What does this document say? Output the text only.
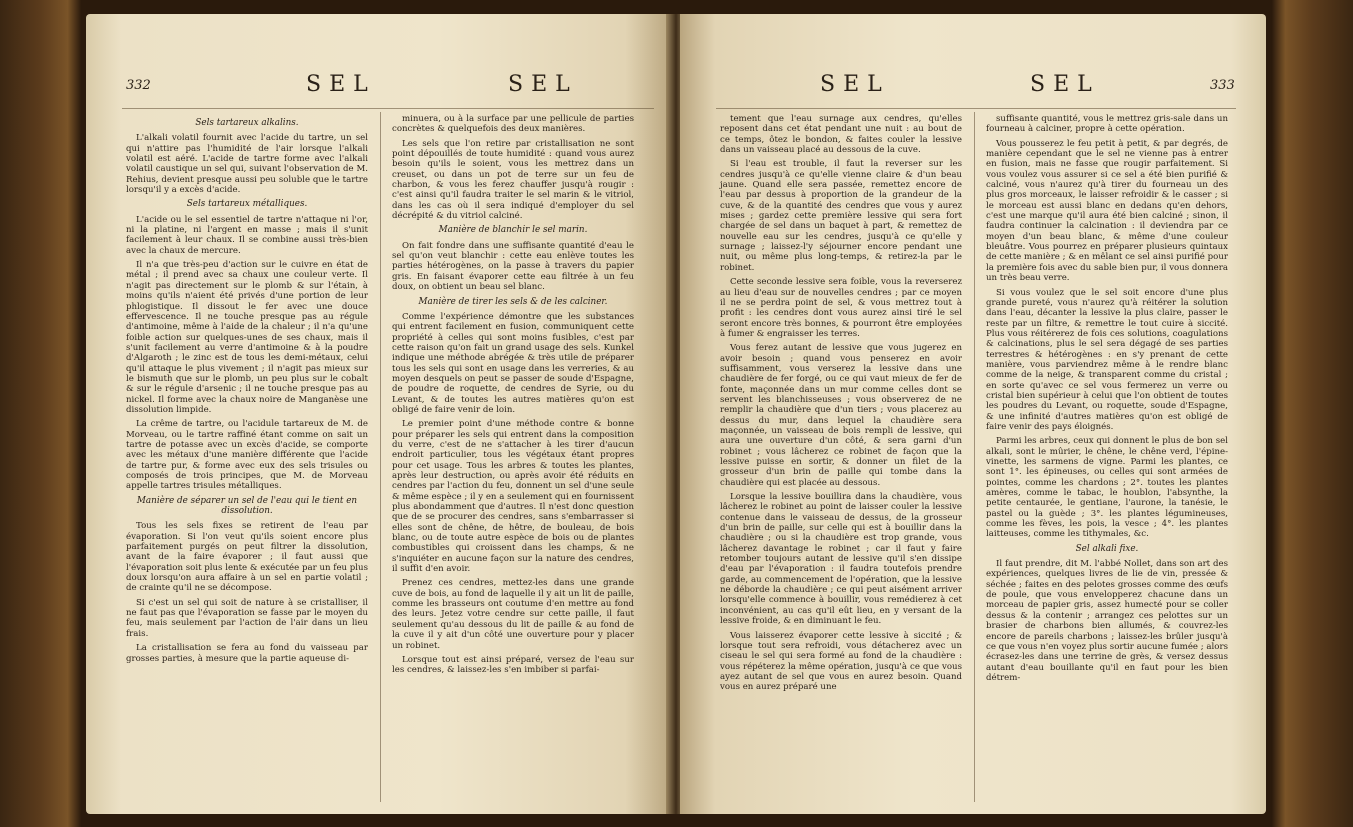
332	SEL	SEL
Sels tartareux alkalins.

L'alkali volatil fournit avec l'acide du tartre, un sel qui n'attire pas l'humidité de l'air lorsque l'alkali volatil est aéré. L'acide de tartre forme avec l'alkali volatil caustique un sel qui, suivant l'observation de M. Rehius, devient presque aussi peu soluble que le tartre lorsqu'il y a excès d'acide.

Sels tartareux métalliques.

L'acide ou le sel essentiel de tartre n'attaque ni l'or, ni la platine, ni l'argent en masse ; mais il s'unit facilement à leur chaux. Il se combine aussi très-bien avec la chaux de mercure.

Il n'a que très-peu d'action sur le cuivre en état de métal ; il prend avec sa chaux une couleur verte. Il n'agit pas directement sur le plomb & sur l'étain, à moins qu'ils n'aient été privés d'une portion de leur phlogistique. Il dissout le fer avec une douce effervescence. Il ne touche presque pas au régule d'antimoine, même à l'aide de la chaleur ; il n'a qu'une foible action sur quelques-unes de ses chaux, mais il s'unit facilement au verre d'antimoine & à la poudre d'Algaroth ; le zinc est de tous les demi-métaux, celui qu'il attaque le plus vivement ; il n'agit pas mieux sur le bismuth que sur le plomb, un peu plus sur le cobalt & sur le régule d'arsenic ; il ne touche presque pas au nickel. Il forme avec la chaux noire de Manganèse une dissolution limpide.

La crême de tartre, ou l'acidule tartareux de M. de Morveau, ou le tartre raffiné étant comme on sait un tartre de potasse avec un excès d'acide, se comporte avec les métaux d'une manière différente que l'acide de tartre pur, & forme avec eux des sels trisules ou composés de trois principes, que M. de Morveau appelle tartres trisules métalliques.

Manière de séparer un sel de l'eau qui le tient en dissolution.

Tous les sels fixes se retirent de l'eau par évaporation. Si l'on veut qu'ils soient encore plus parfaitement purgés on peut filtrer la dissolution, avant de la faire évaporer ; il faut aussi que l'évaporation soit plus lente & exécutée par un feu plus doux lorsqu'on aura affaire à un sel en partie volatil ; de crainte qu'il ne se décompose.

Si c'est un sel qui soit de nature à se cristalliser, il ne faut pas que l'évaporation se fasse par le moyen du feu, mais seulement par l'action de l'air dans un lieu frais.

La cristallisation se fera au fond du vaisseau par grosses parties, à mesure que la partie aqueuse di-

minuera, ou à la surface par une pellicule de parties concrètes & quelquefois des deux manières.

Les sels que l'on retire par cristallisation ne sont point dépouillés de toute humidité : quand vous aurez besoin qu'ils le soient, vous les mettrez dans un creuset, ou dans un pot de terre sur un feu de charbon, & vous les ferez chauffer jusqu'à rougir : c'est ainsi qu'il faudra traiter le sel marin & le vitriol, dans les cas où il sera indiqué d'employer du sel décrépité & du vitriol calciné.

Manière de blanchir le sel marin.

On fait fondre dans une suffisante quantité d'eau le sel qu'on veut blanchir : cette eau enlève toutes les parties hétérogènes, on la passe à travers du papier gris. En faisant évaporer cette eau filtrée à un feu doux, on obtient un beau sel blanc.

Manière de tirer les sels & de les calciner.

Comme l'expérience démontre que les substances qui entrent facilement en fusion, communiquent cette propriété à celles qui sont moins fusibles, c'est par cette raison qu'on fait un grand usage des sels. Kunkel indique une méthode abrégée & très utile de préparer tous les sels qui sont en usage dans les verreries, & au moyen desquels on peut se passer de soude d'Espagne, de poudre de roquette, de cendres de Syrie, ou du Levant, & de toutes les autres matières qu'on est obligé de faire venir de loin.

Le premier point d'une méthode contre & bonne pour préparer les sels qui entrent dans la composition du verre, c'est de ne s'attacher à les tirer d'aucun endroit particulier, tous les végétaux étant propres pour cet usage. Tous les arbres & toutes les plantes, après leur destruction, ou après avoir été réduits en cendres par l'action du feu, donnent un sel d'une seule & même espèce ; il y en a seulement qui en fournissent plus abondamment que d'autres. Il n'est donc question que de se procurer des cendres, sans s'embarrasser si elles sont de chêne, de hêtre, de bouleau, de bois blanc, ou de toute autre espèce de bois ou de plantes combustibles qui croissent dans les champs, & ne s'inquiéter en aucune façon sur la nature des cendres, il suffit d'en avoir.

Prenez ces cendres, mettez-les dans une grande cuve de bois, au fond de laquelle il y ait un lit de paille, comme les brasseurs ont coutume d'en mettre au fond des leurs. Jetez votre cendre sur cette paille, il faut seulement qu'au dessous du lit de paille & au fond de la cuve il y ait d'un côté une ouverture pour y placer un robinet.

Lorsque tout est ainsi préparé, versez de l'eau sur les cendres, & laissez-les s'en imbiber si parfai-

SEL	SEL	333

tement que l'eau surnage aux cendres, qu'elles reposent dans cet état pendant une nuit : au bout de ce temps, ôtez le bondon, & faites couler la lessive dans un vaisseau placé au dessous de la cuve.

Si l'eau est trouble, il faut la reverser sur les cendres jusqu'à ce qu'elle vienne claire & d'un beau jaune. Quand elle sera passée, remettez encore de l'eau par dessus à proportion de la grandeur de la cuve, & de la quantité des cendres que vous y aurez mises ; gardez cette première lessive qui sera fort chargée de sel dans un baquet à part, & remettez de nouvelle eau sur les cendres, jusqu'à ce qu'elle y surnage ; laissez-l'y séjourner encore pendant une nuit, ou même plus long-temps, & retirez-la par le robinet.

Cette seconde lessive sera foible, vous la reverserez au lieu d'eau sur de nouvelles cendres ; par ce moyen il ne se perdra point de sel, & vous mettrez tout à profit : les cendres dont vous aurez ainsi tiré le sel seront encore très bonnes, & pourront être employées à fumer & engraisser les terres.

Vous ferez autant de lessive que vous jugerez en avoir besoin ; quand vous penserez en avoir suffisamment, vous verserez la lessive dans une chaudière de fer forgé, ou ce qui vaut mieux de fer de fonte, maçonnée dans un mur comme celles dont se servent les blanchisseuses ; vous observerez de ne remplir la chaudière que d'un tiers ; vous placerez au dessus du mur, dans lequel la chaudière sera maçonnée, un vaisseau de bois rempli de lessive, qui aura une ouverture d'un côté, & sera garni d'un robinet ; vous lâcherez ce robinet de façon que la lessive puisse en sortir, & donner un filet de la grosseur d'un brin de paille qui tombe dans la chaudière qui est placée au dessous.

Lorsque la lessive bouillira dans la chaudière, vous lâcherez le robinet au point de laisser couler la lessive contenue dans le vaisseau de dessus, de la grosseur d'un brin de paille, sur celle qui est à bouillir dans la chaudière ; ou si la chaudière est trop grande, vous lâcherez davantage le robinet ; car il faut y faire retomber toujours autant de lessive qu'il s'en dissipe d'eau par l'évaporation : il faudra toutefois prendre garde, au commencement de l'opération, que la lessive ne déborde la chaudière ; ce qui peut aisément arriver lorsqu'elle commence à bouillir, vous remédierez à cet inconvénient, au cas qu'il eût lieu, en y versant de la lessive froide, & en diminuant le feu.

Vous laisserez évaporer cette lessive à siccité ; & lorsque tout sera refroidi, vous détacherez avec un ciseau le sel qui sera formé au fond de la chaudière : vous répéterez la même opération, jusqu'à ce que vous ayez autant de sel que vous en aurez besoin. Quand vous en aurez préparé une

suffisante quantité, vous le mettrez gris-sale dans un fourneau à calciner, propre à cette opération.

Vous pousserez le feu petit à petit, & par degrés, de manière cependant que le sel ne vienne pas à entrer en fusion, mais ne fasse que rougir parfaitement. Si vous voulez vous assurer si ce sel a été bien purifié & calciné, vous n'aurez qu'à tirer du fourneau un des plus gros morceaux, le laisser refroidir & le casser ; si le morceau est aussi blanc en dedans qu'en dehors, c'est une marque qu'il aura été bien calciné ; sinon, il faudra continuer la calcination : il deviendra par ce moyen d'un beau blanc, & même d'une couleur bleuâtre. Vous pourrez en préparer plusieurs quintaux de cette manière ; & en mêlant ce sel ainsi purifié pour la première fois avec du sable bien pur, il vous donnera un très beau verre.

Si vous voulez que le sel soit encore d'une plus grande pureté, vous n'aurez qu'à réitérer la solution dans l'eau, décanter la lessive la plus claire, passer le reste par un filtre, & remettre le tout cuire à siccité. Plus vous réitérerez de fois ces solutions, coagulations & calcinations, plus le sel sera dégagé de ses parties terrestres & hétérogènes : en s'y prenant de cette manière, vous parviendrez même à le rendre blanc comme de la neige, & transparent comme du cristal ; en sorte qu'avec ce sel vous fermerez un verre ou cristal bien supérieur à celui que l'on obtient de toutes les poudres du Levant, ou roquette, soude d'Espagne, & une infinité d'autres matières qu'on est obligé de faire venir des pays éloignés.

Parmi les arbres, ceux qui donnent le plus de bon sel alkali, sont le mûrier, le chêne, le chêne verd, l'épine-vinette, les sarmens de vigne. Parmi les plantes, ce sont 1°. les épineuses, ou celles qui sont armées de pointes, comme les chardons ; 2°. toutes les plantes amères, comme le tabac, le houblon, l'absynthe, la petite centaurée, le gentiane, l'aurone, la tanésie, le pastel ou la guède ; 3°. les plantes légumineuses, comme les fèves, les pois, la vesce ; 4°. les plantes laitteuses, comme les tithymales, &c.

Sel alkali fixe.

Il faut prendre, dit M. l'abbé Nollet, dans son art des expériences, quelques livres de lie de vin, pressée & séchée ; faites en des pelotes grosses comme des œufs de poule, que vous envelopperez chacune dans un morceau de papier gris, assez humecté pour se coller dessus & la contenir ; arrangez ces pelottes sur un brasier de charbons bien allumés, & couvrez-les encore de pareils charbons ; laissez-les brûler jusqu'à ce que vous n'en voyez plus sortir aucune fumée ; alors écrasez-les dans une terrine de grès, & versez dessus autant d'eau bouillante qu'il en faut pour les bien détrem-
